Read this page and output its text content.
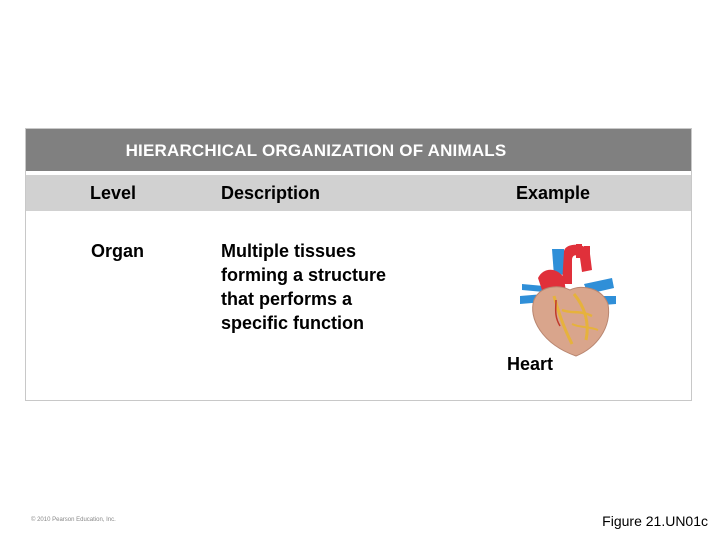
HIERARCHICAL ORGANIZATION OF ANIMALS
Level	Description	Example
Organ	Multiple tissues forming a structure that performs a specific function
Heart
© 2010 Pearson Education, Inc.	Figure 21.UN01c
